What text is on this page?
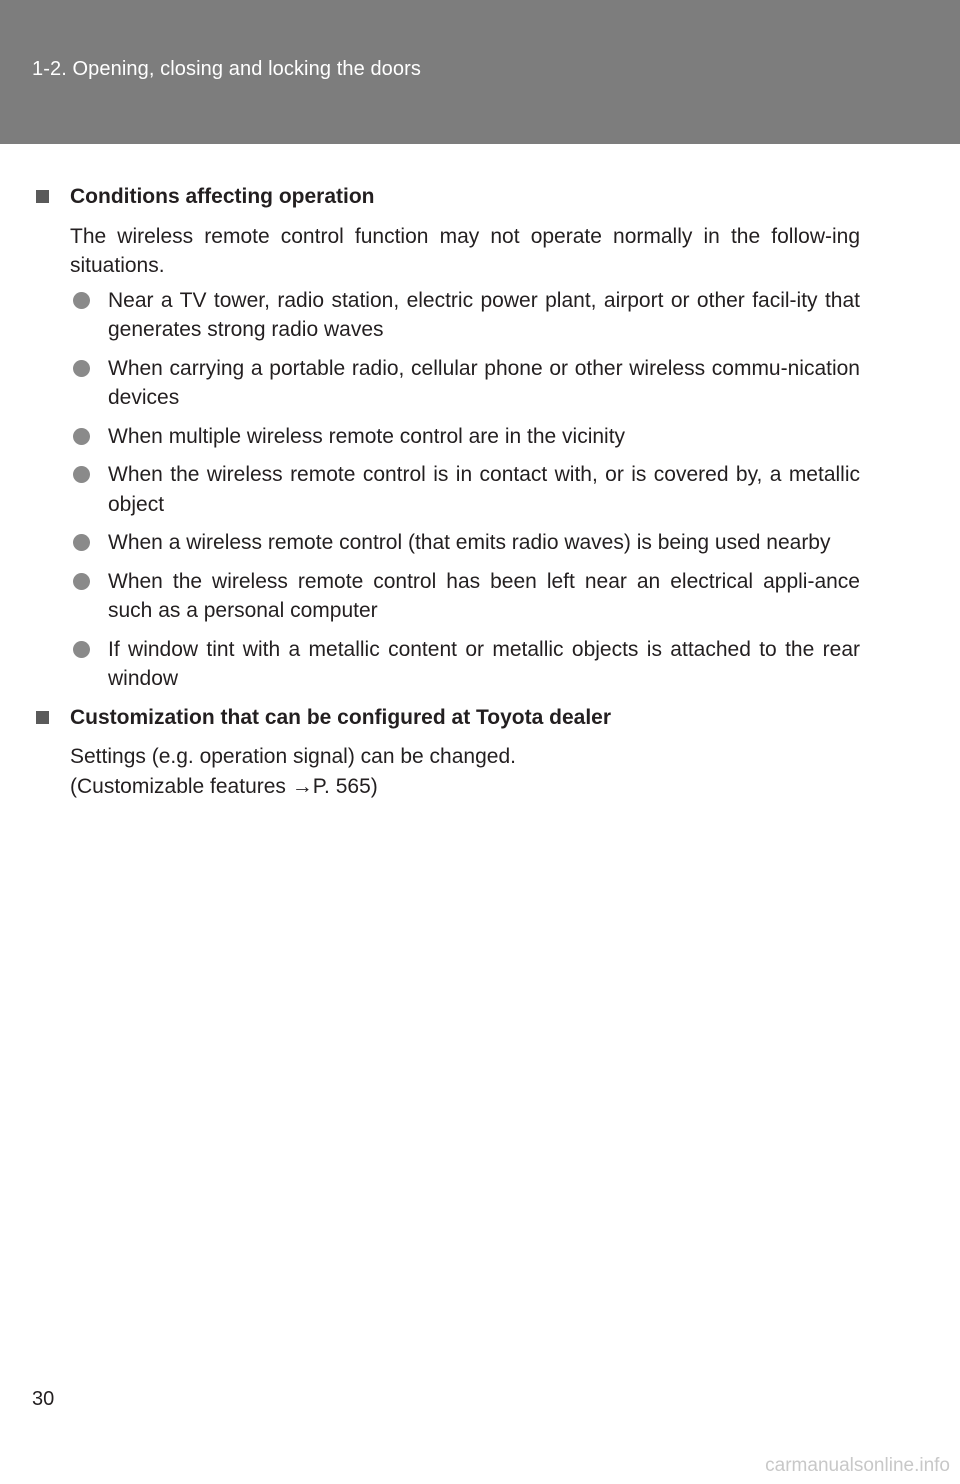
1-2. Opening, closing and locking the doors
Conditions affecting operation

The wireless remote control function may not operate normally in the follow-ing situations.

Near a TV tower, radio station, electric power plant, airport or other facil-ity that generates strong radio waves
When carrying a portable radio, cellular phone or other wireless commu-nication devices
When multiple wireless remote control are in the vicinity
When the wireless remote control is in contact with, or is covered by, a metallic object
When a wireless remote control (that emits radio waves) is being used nearby
When the wireless remote control has been left near an electrical appli-ance such as a personal computer
If window tint with a metallic content or metallic objects is attached to the rear window
Customization that can be configured at Toyota dealer
Settings (e.g. operation signal) can be changed.
(Customizable features →P. 565)
30
carmanualsonline.info
